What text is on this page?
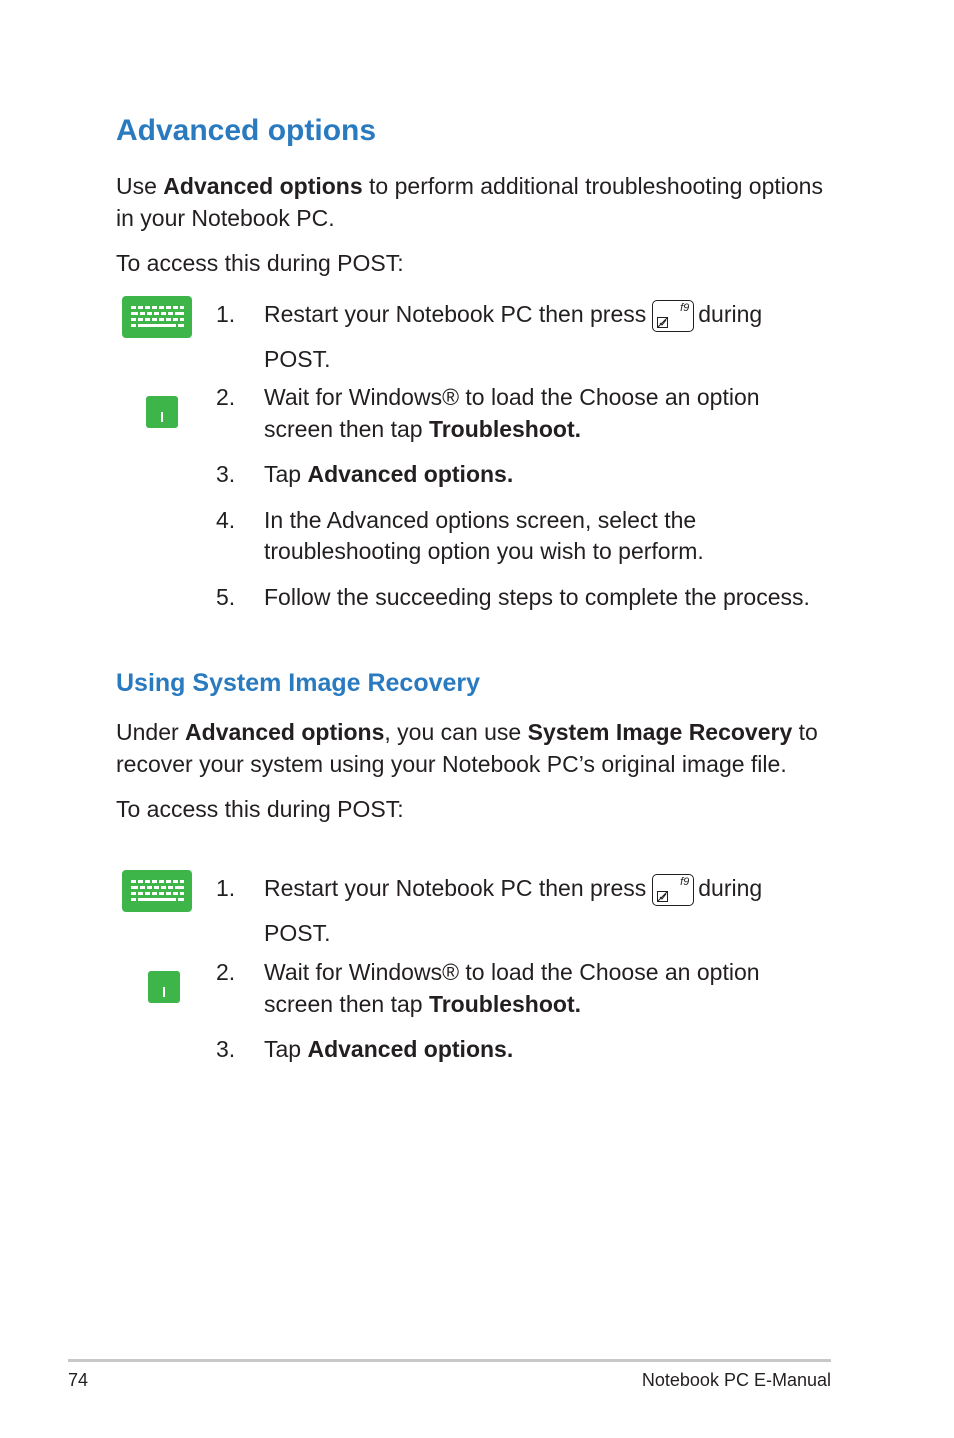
Advanced options
Use Advanced options to perform additional troubleshooting options in your Notebook PC.
To access this during POST:
1. Restart your Notebook PC then press	f9 during
POST.
2. Wait for Windows® to load the Choose an option
screen then tap Troubleshoot.
3. Tap Advanced options.
4. In the Advanced options screen, select the
troubleshooting option you wish to perform.
5. Follow the succeeding steps to complete the process.
Using System Image Recovery
Under Advanced options, you can use System Image Recovery to recover your system using your Notebook PC’s original image file.
To access this during POST:
1. Restart your Notebook PC then press	f9 during
POST.
2. Wait for Windows® to load the Choose an option
screen then tap Troubleshoot.
3. Tap Advanced options.
74	Notebook PC E-Manual
